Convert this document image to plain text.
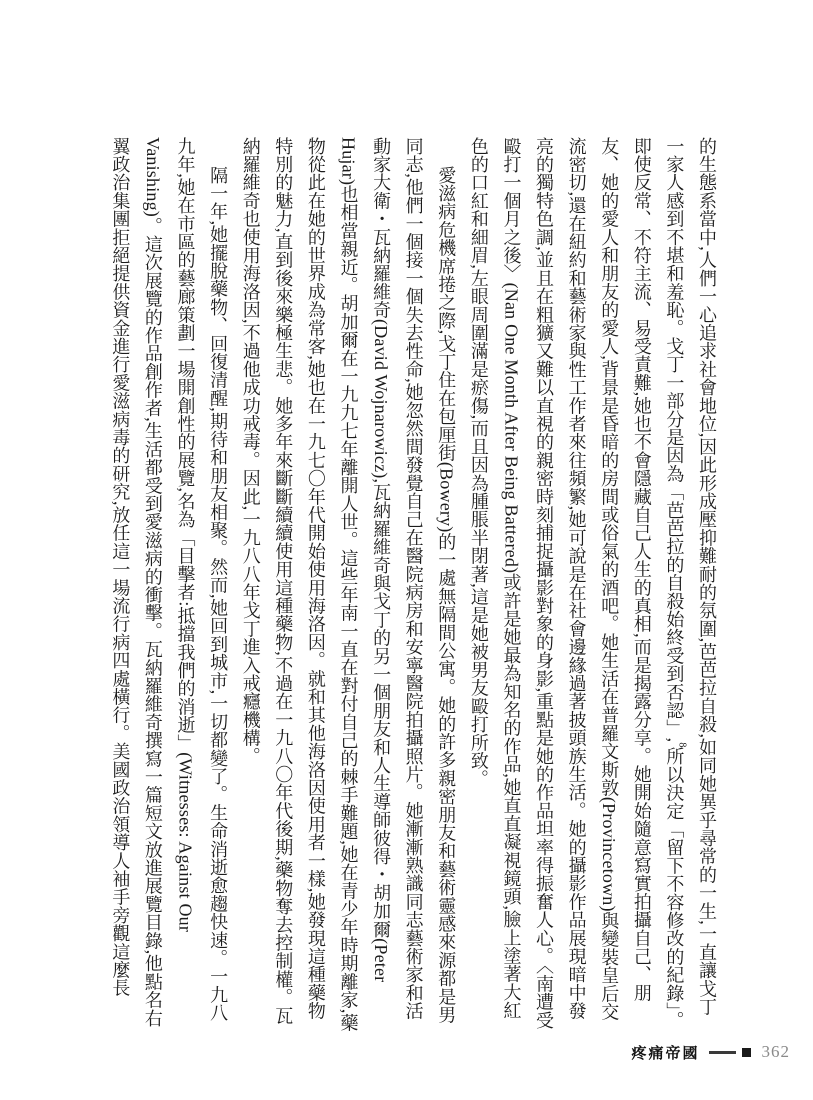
的生態系當中,人們一心追求社會地位,因此形成壓抑難耐的氛圍,芭芭拉自殺,如同她異乎尋常的一生,一直讓戈丁一家人感到不堪和羞恥。戈丁一部分是因為「芭芭拉的自殺始終受到否認」,$^8$所以決定「留下不容修改的紀錄」。即使反常、不符主流、易受責難,她也不會隱藏自己人生的真相,而是揭露分享。她開始隨意寫實拍攝自己、朋友、她的愛人和朋友的愛人,背景是昏暗的房間或俗氣的酒吧。她生活在普羅文斯敦(Provincetown)與變裝皇后交流密切,還在紐約和藝術家與性工作者來往頻繁,她可說是在社會邊緣過著披頭族生活。她的攝影作品展現暗中發亮的獨特色調,並且在粗獷又難以直視的親密時刻捕捉攝影對象的身影,重點是她的作品坦率得振奮人心。〈南遭受毆打一個月之後〉(Nan One Month After Being Battered)或許是她最為知名的作品,她直直凝視鏡頭,臉上塗著大紅色的口紅和細眉,左眼周圍滿是瘀傷,而且因為腫脹半閉著,這是她被男友毆打所致。

愛滋病危機席捲之際,戈丁住在包厘街(Bowery)的一處無隔間公寓。她的許多親密朋友和藝術靈感來源都是男同志,他們一個接一個失去性命,她忽然間發覺自己在醫院病房和安寧醫院拍攝照片。她漸漸熟識同志藝術家和活動家大衛・瓦納羅維奇(David Wojnarowicz),瓦納羅維奇與戈丁的另一個朋友和人生導師彼得・胡加爾(Peter Hujar)也相當親近。胡加爾在一九九七年離開人世。這些年南一直在對付自己的棘手難題,她在青少年時期離家,藥物從此在她的世界成為常客,她也在一九七〇年代開始使用海洛因。就和其他海洛因使用者一樣,她發現這種藥物特別的魅力,直到後來樂極生悲。她多年來斷斷續續使用這種藥物,不過在一九八〇年代後期,藥物奪去控制權。瓦納羅維奇也使用海洛因,不過他成功戒毒。因此,一九八八年戈丁進入戒癮機構。

隔一年,她擺脫藥物、回復清醒,期待和朋友相聚。然而,她回到城市,一切都變了。生命消逝愈趨快速。一九八九年,她在市區的藝廊策劃一場開創性的展覽,名為「目擊者:抵擋我們的消逝」(Witnesses: Against Our Vanishing)。這次展覽的作品創作者,生活都受到愛滋病的衝擊。瓦納羅維奇撰寫一篇短文放進展覽目錄,他點名右翼政治集團拒絕提供資金進行愛滋病毒的研究,放任這一場流行病四處橫行。美國政治領導人袖手旁觀這麼長

疼痛帝國	362
